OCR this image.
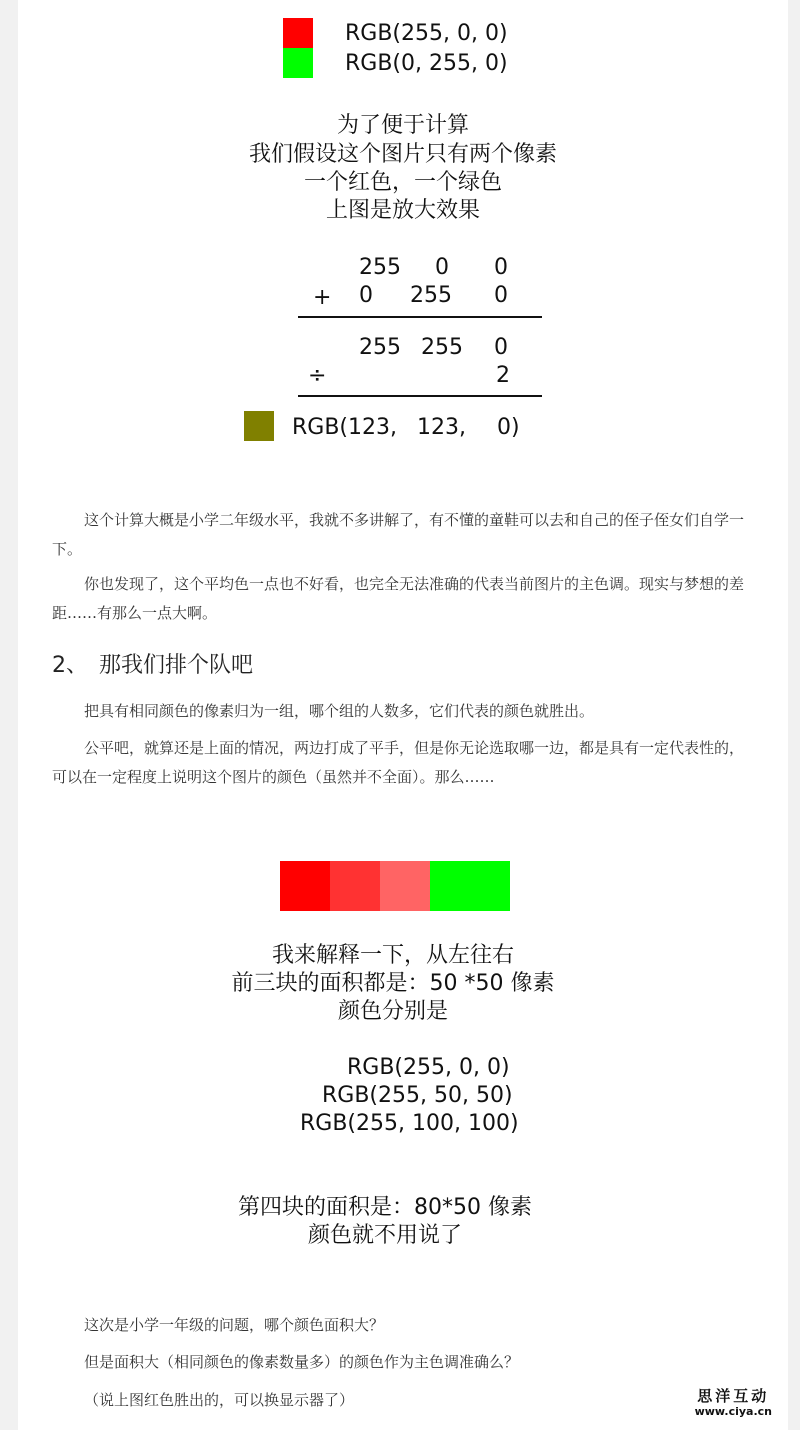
RGB(255, 0, 0)
RGB(0, 255, 0)
为了便于计算
我们假设这个图片只有两个像素
一个红色，一个绿色
上图是放大效果
255 0 0
+ 0 255 0
255 255 0
÷	2
RGB(123, 123, 0)
这个计算大概是小学二年级水平，我就不多讲解了，有不懂的童鞋可以去和自己的侄子侄女们自学一下。
你也发现了，这个平均色一点也不好看，也完全无法准确的代表当前图片的主色调。现实与梦想的差距……有那么一点大啊。
2、　那我们排个队吧
把具有相同颜色的像素归为一组，哪个组的人数多，它们代表的颜色就胜出。
公平吧，就算还是上面的情况，两边打成了平手，但是你无论选取哪一边，都是具有一定代表性的，可以在一定程度上说明这个图片的颜色（虽然并不全面）。那么……
我来解释一下，从左往右
前三块的面积都是：50 *50 像素
颜色分别是
RGB(255, 0, 0)
RGB(255, 50, 50)
RGB(255, 100, 100)
第四块的面积是：80*50 像素
颜色就不用说了
这次是小学一年级的问题，哪个颜色面积大？
但是面积大（相同颜色的像素数量多）的颜色作为主色调准确么？
（说上图红色胜出的，可以换显示器了）	思洋互动
www.ciya.cn
